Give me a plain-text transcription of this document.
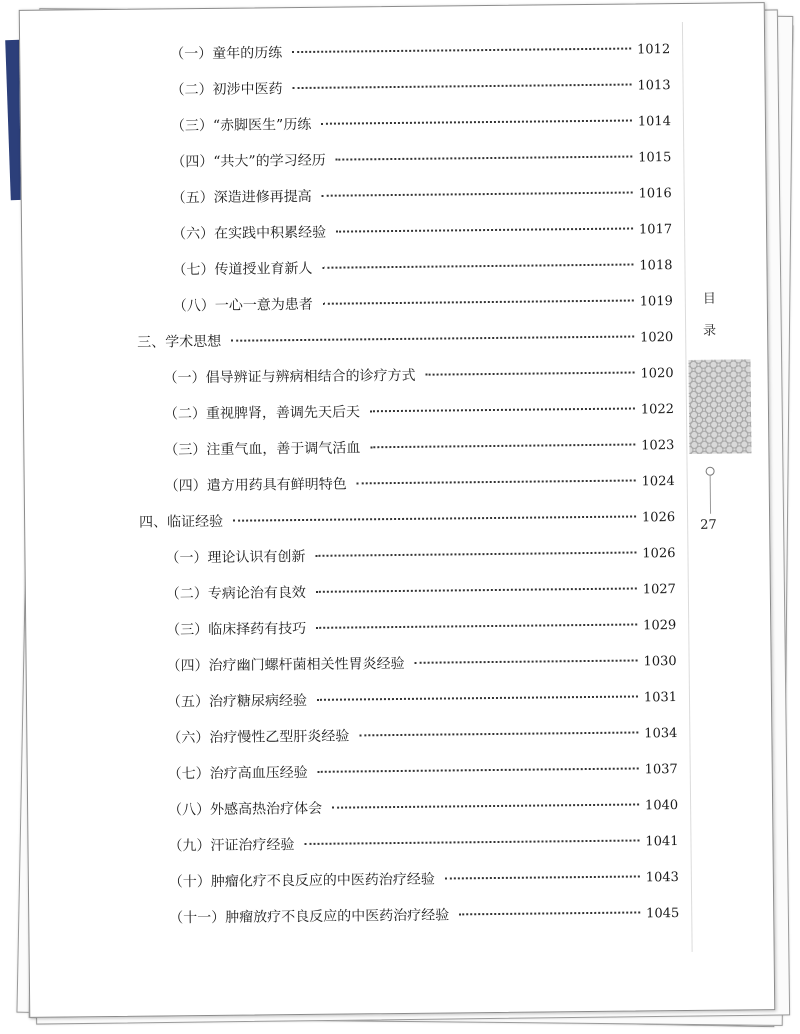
目
录
27
（一）童年的历练	1012
（二）初涉中医药	1013
（三）“赤脚医生”历练	1014
（四）“共大”的学习经历	1015
（五）深造进修再提高	1016
（六）在实践中积累经验	1017
（七）传道授业育新人	1018
（八）一心一意为患者	1019
三、学术思想	1020
（一）倡导辨证与辨病相结合的诊疗方式	1020
（二）重视脾肾，善调先天后天	1022
（三）注重气血，善于调气活血	1023
（四）遣方用药具有鲜明特色	1024
四、临证经验	1026
（一）理论认识有创新	1026
（二）专病论治有良效	1027
（三）临床择药有技巧	1029
（四）治疗幽门螺杆菌相关性胃炎经验	1030
（五）治疗糖尿病经验	1031
（六）治疗慢性乙型肝炎经验	1034
（七）治疗高血压经验	1037
（八）外感高热治疗体会	1040
（九）汗证治疗经验	1041
（十）肿瘤化疗不良反应的中医药治疗经验	1043
（十一）肿瘤放疗不良反应的中医药治疗经验	1045
